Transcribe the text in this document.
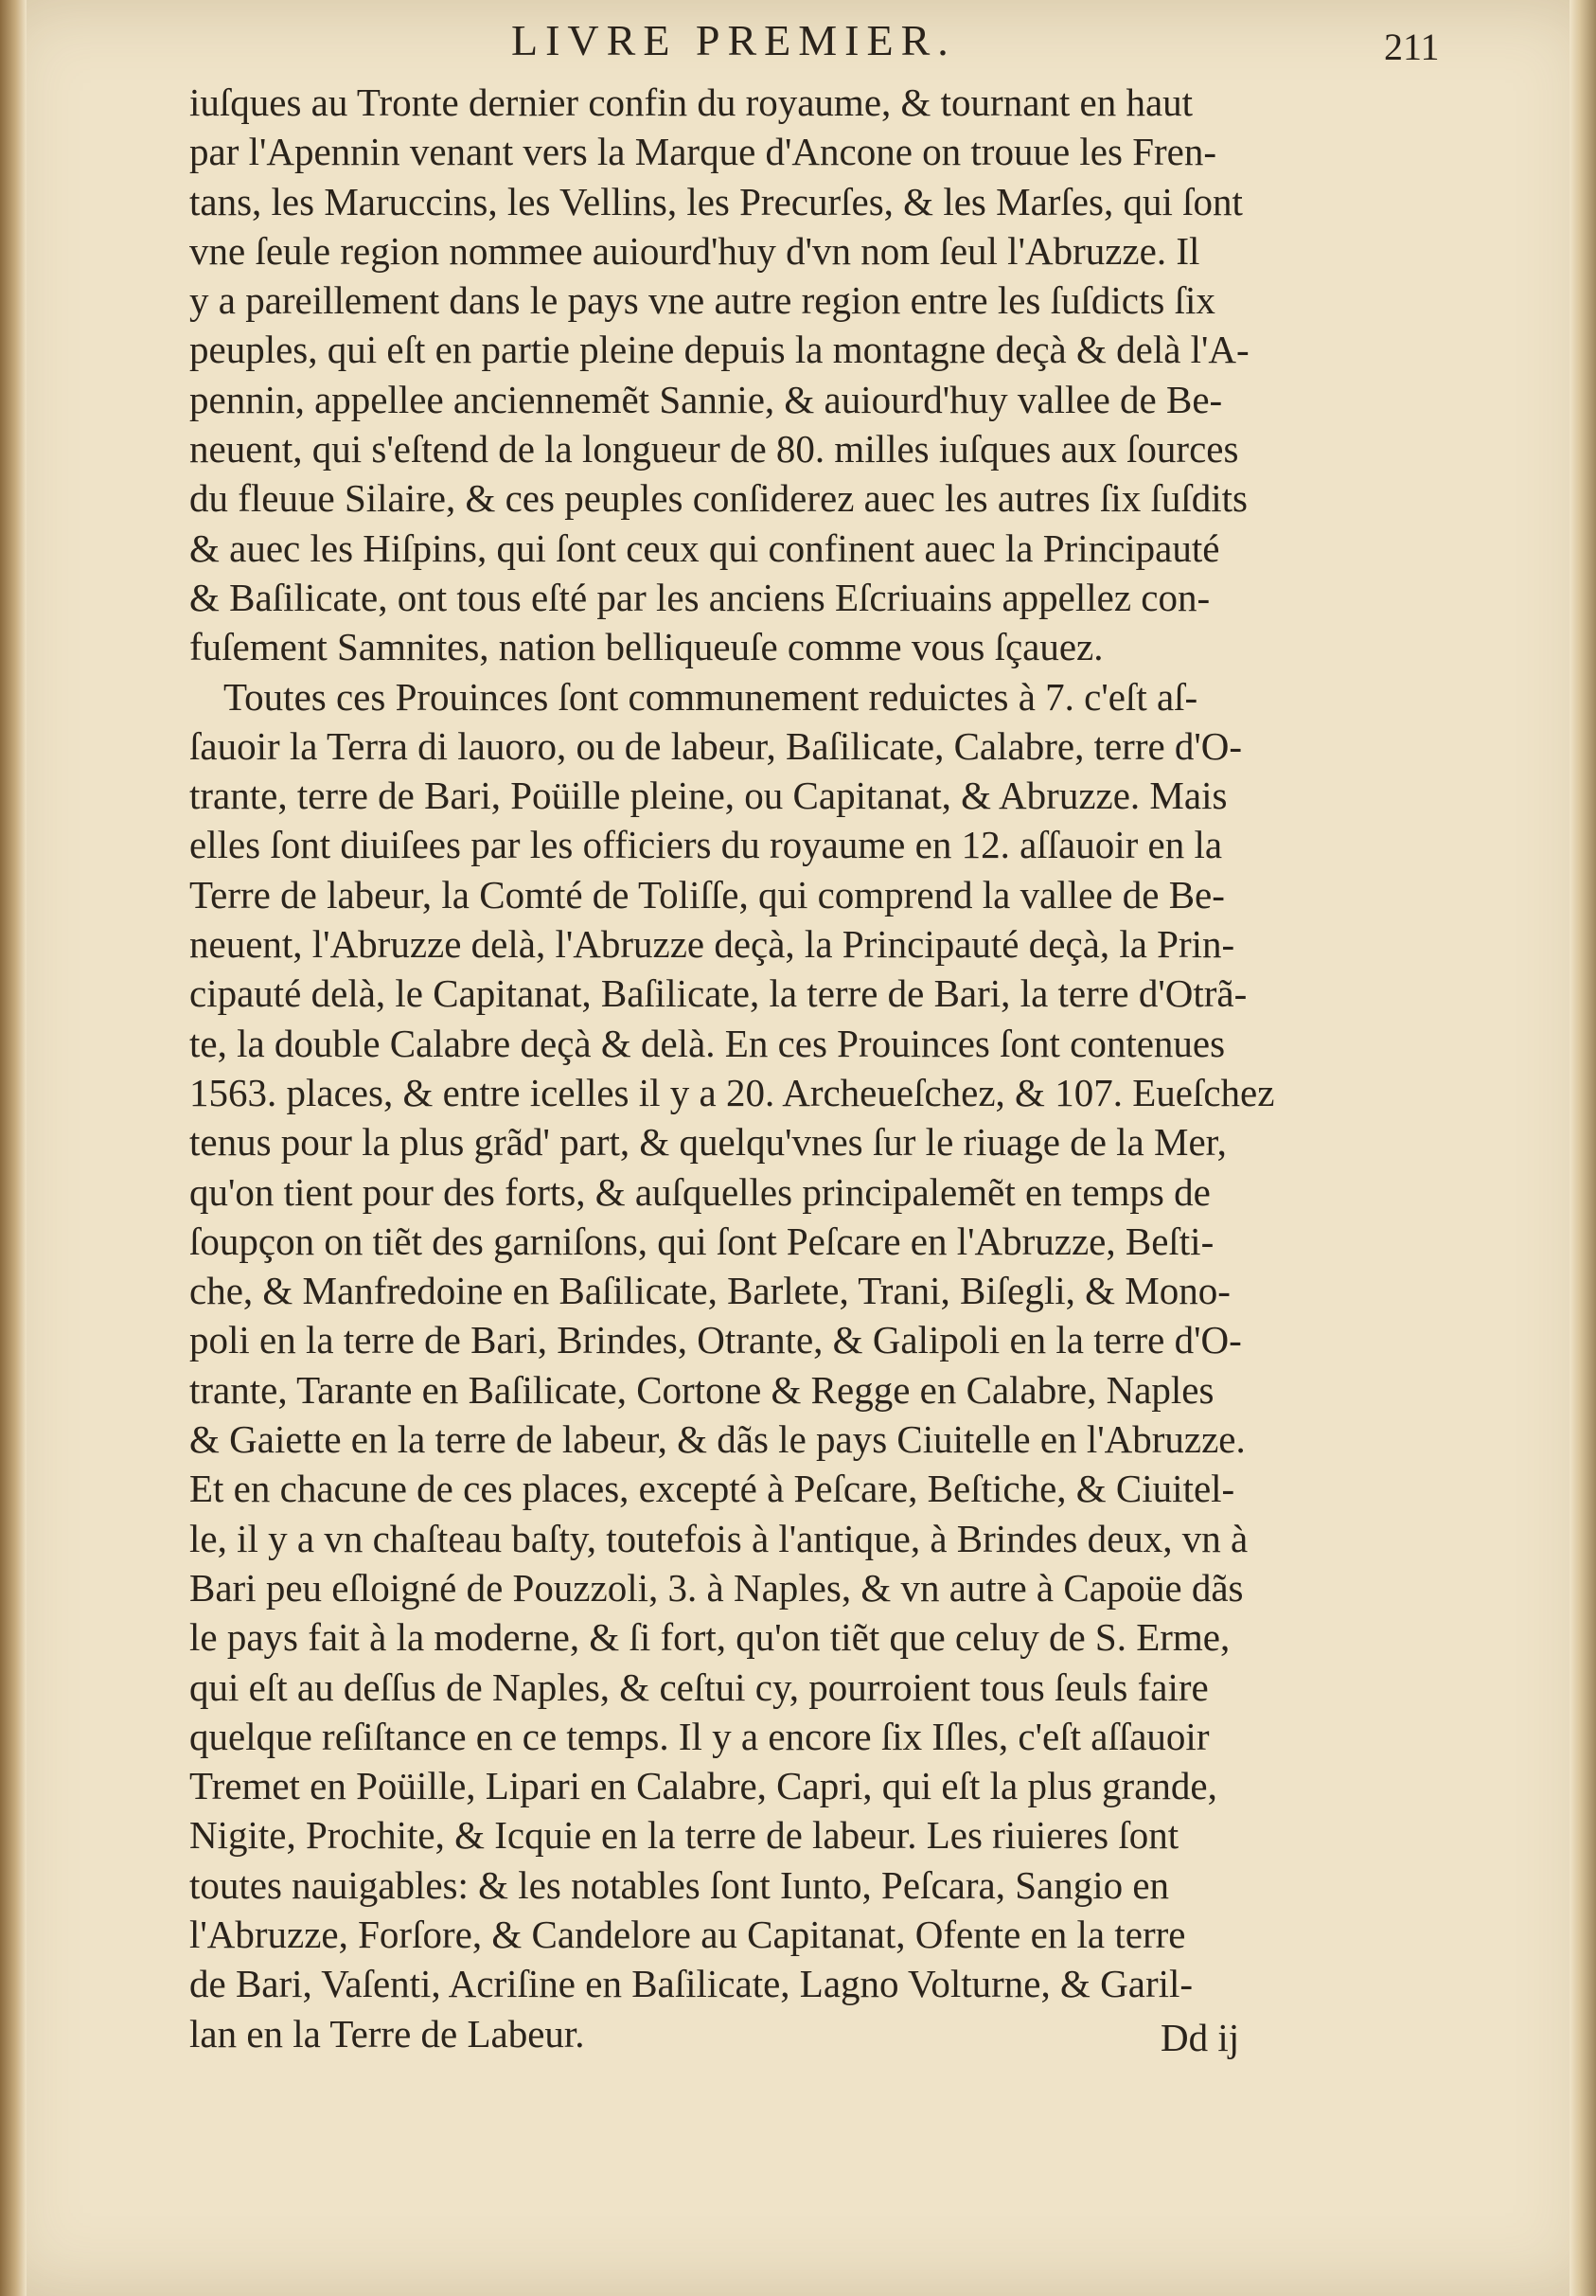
LIVRE PREMIER.	211
iuſques au Tronte dernier confin du royaume, & tournant en haut
par l'Apennin venant vers la Marque d'Ancone on trouue les Fren-
tans, les Maruccins, les Vellins, les Precurſes, & les Marſes, qui ſont
vne ſeule region nommee auiourd'huy d'vn nom ſeul l'Abruzze. Il
y a pareillement dans le pays vne autre region entre les ſuſdicts ſix
peuples, qui eſt en partie pleine depuis la montagne deçà & delà l'A-
pennin, appellee anciennemẽt Sannie, & auiourd'huy vallee de Be-
neuent, qui s'eſtend de la longueur de 80. milles iuſques aux ſources
du fleuue Silaire, & ces peuples conſiderez auec les autres ſix ſuſdits
& auec les Hiſpins, qui ſont ceux qui confinent auec la Principauté
& Baſilicate, ont tous eſté par les anciens Eſcriuains appellez con-
fuſement Samnites, nation belliqueuſe comme vous ſçauez.
Toutes ces Prouinces ſont communement reduictes à 7. c'eſt aſ-
ſauoir la Terra di lauoro, ou de labeur, Baſilicate, Calabre, terre d'O-
trante, terre de Bari, Poüille pleine, ou Capitanat, & Abruzze. Mais
elles ſont diuiſees par les officiers du royaume en 12. aſſauoir en la
Terre de labeur, la Comté de Toliſſe, qui comprend la vallee de Be-
neuent, l'Abruzze delà, l'Abruzze deçà, la Principauté deçà, la Prin-
cipauté delà, le Capitanat, Baſilicate, la terre de Bari, la terre d'Otrã-
te, la double Calabre deçà & delà. En ces Prouinces ſont contenues
1563. places, & entre icelles il y a 20. Archeueſchez, & 107. Eueſchez
tenus pour la plus grãd' part, & quelqu'vnes ſur le riuage de la Mer,
qu'on tient pour des forts, & auſquelles principalemẽt en temps de
ſoupçon on tiẽt des garniſons, qui ſont Peſcare en l'Abruzze, Beſti-
che, & Manfredoine en Baſilicate, Barlete, Trani, Biſegli, & Mono-
poli en la terre de Bari, Brindes, Otrante, & Galipoli en la terre d'O-
trante, Tarante en Baſilicate, Cortone & Regge en Calabre, Naples
& Gaiette en la terre de labeur, & dãs le pays Ciuitelle en l'Abruzze.
Et en chacune de ces places, excepté à Peſcare, Beſtiche, & Ciuitel-
le, il y a vn chaſteau baſty, toutefois à l'antique, à Brindes deux, vn à
Bari peu eſloigné de Pouzzoli, 3. à Naples, & vn autre à Capoüe dãs
le pays fait à la moderne, & ſi fort, qu'on tiẽt que celuy de S. Erme,
qui eſt au deſſus de Naples, & ceſtui cy, pourroient tous ſeuls faire
quelque reſiſtance en ce temps. Il y a encore ſix Iſles, c'eſt aſſauoir
Tremet en Poüille, Lipari en Calabre, Capri, qui eſt la plus grande,
Nigite, Prochite, & Icquie en la terre de labeur. Les riuieres ſont
toutes nauigables: & les notables ſont Iunto, Peſcara, Sangio en
l'Abruzze, Forſore, & Candelore au Capitanat, Ofente en la terre
de Bari, Vaſenti, Acriſine en Baſilicate, Lagno Volturne, & Garil-
lan en la Terre de Labeur.	Dd ij
